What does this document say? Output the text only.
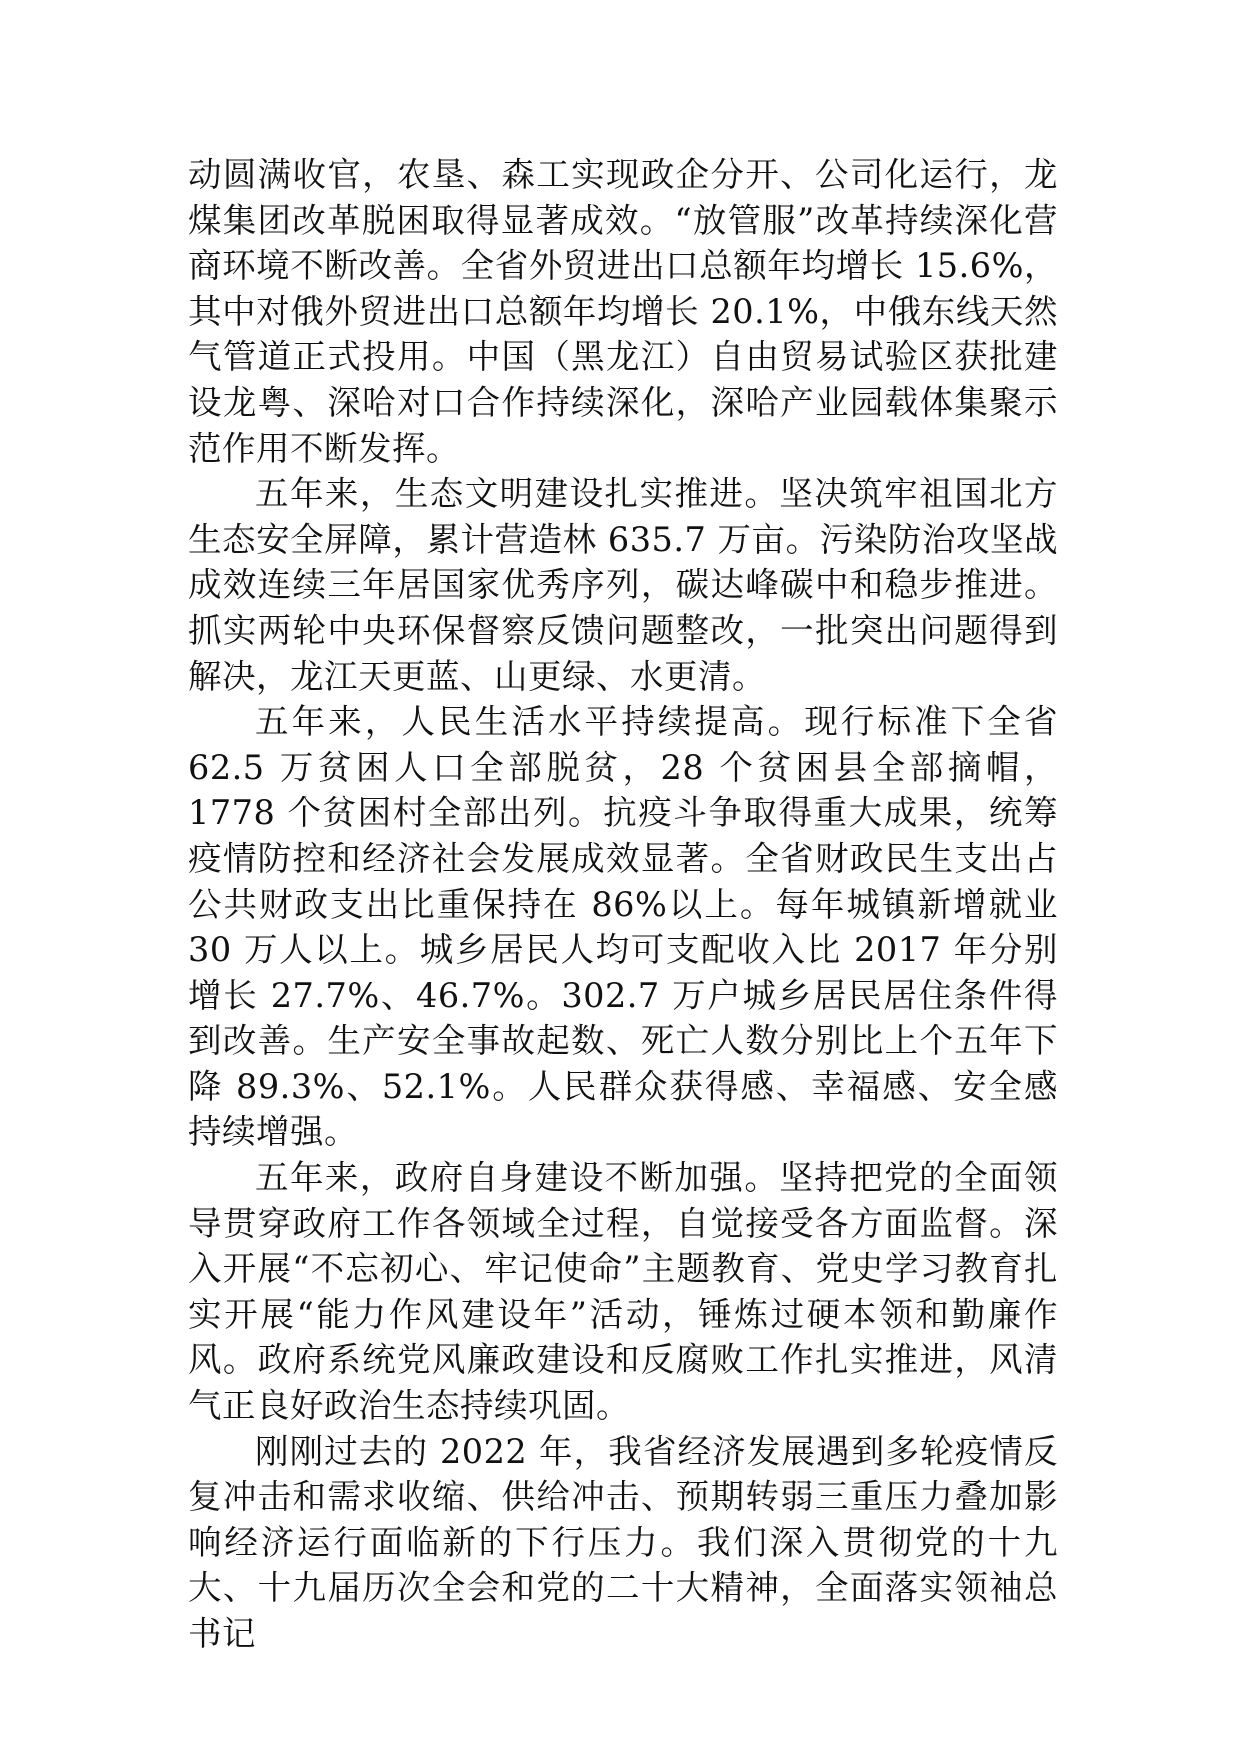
动圆满收官，农垦、森工实现政企分开、公司化运行，龙煤集团改革脱困取得显著成效。“放管服”改革持续深化营商环境不断改善。全省外贸进出口总额年均增长 15.6%，其中对俄外贸进出口总额年均增长 20.1%，中俄东线天然气管道正式投用。中国（黑龙江）自由贸易试验区获批建设龙粤、深哈对口合作持续深化，深哈产业园载体集聚示范作用不断发挥。

五年来，生态文明建设扎实推进。坚决筑牢祖国北方生态安全屏障，累计营造林 635.7 万亩。污染防治攻坚战成效连续三年居国家优秀序列，碳达峰碳中和稳步推进。抓实两轮中央环保督察反馈问题整改，一批突出问题得到解决，龙江天更蓝、山更绿、水更清。

五年来，人民生活水平持续提高。现行标准下全省 62.5 万贫困人口全部脱贫，28 个贫困县全部摘帽，1778 个贫困村全部出列。抗疫斗争取得重大成果，统筹疫情防控和经济社会发展成效显著。全省财政民生支出占公共财政支出比重保持在 86%以上。每年城镇新增就业 30 万人以上。城乡居民人均可支配收入比 2017 年分别增长 27.7%、46.7%。302.7 万户城乡居民居住条件得到改善。生产安全事故起数、死亡人数分别比上个五年下降 89.3%、52.1%。人民群众获得感、幸福感、安全感持续增强。

五年来，政府自身建设不断加强。坚持把党的全面领导贯穿政府工作各领域全过程，自觉接受各方面监督。深入开展“不忘初心、牢记使命”主题教育、党史学习教育扎实开展“能力作风建设年”活动，锤炼过硬本领和勤廉作风。政府系统党风廉政建设和反腐败工作扎实推进，风清气正良好政治生态持续巩固。

刚刚过去的 2022 年，我省经济发展遇到多轮疫情反复冲击和需求收缩、供给冲击、预期转弱三重压力叠加影响经济运行面临新的下行压力。我们深入贯彻党的十九大、十九届历次全会和党的二十大精神，全面落实领袖总书记
